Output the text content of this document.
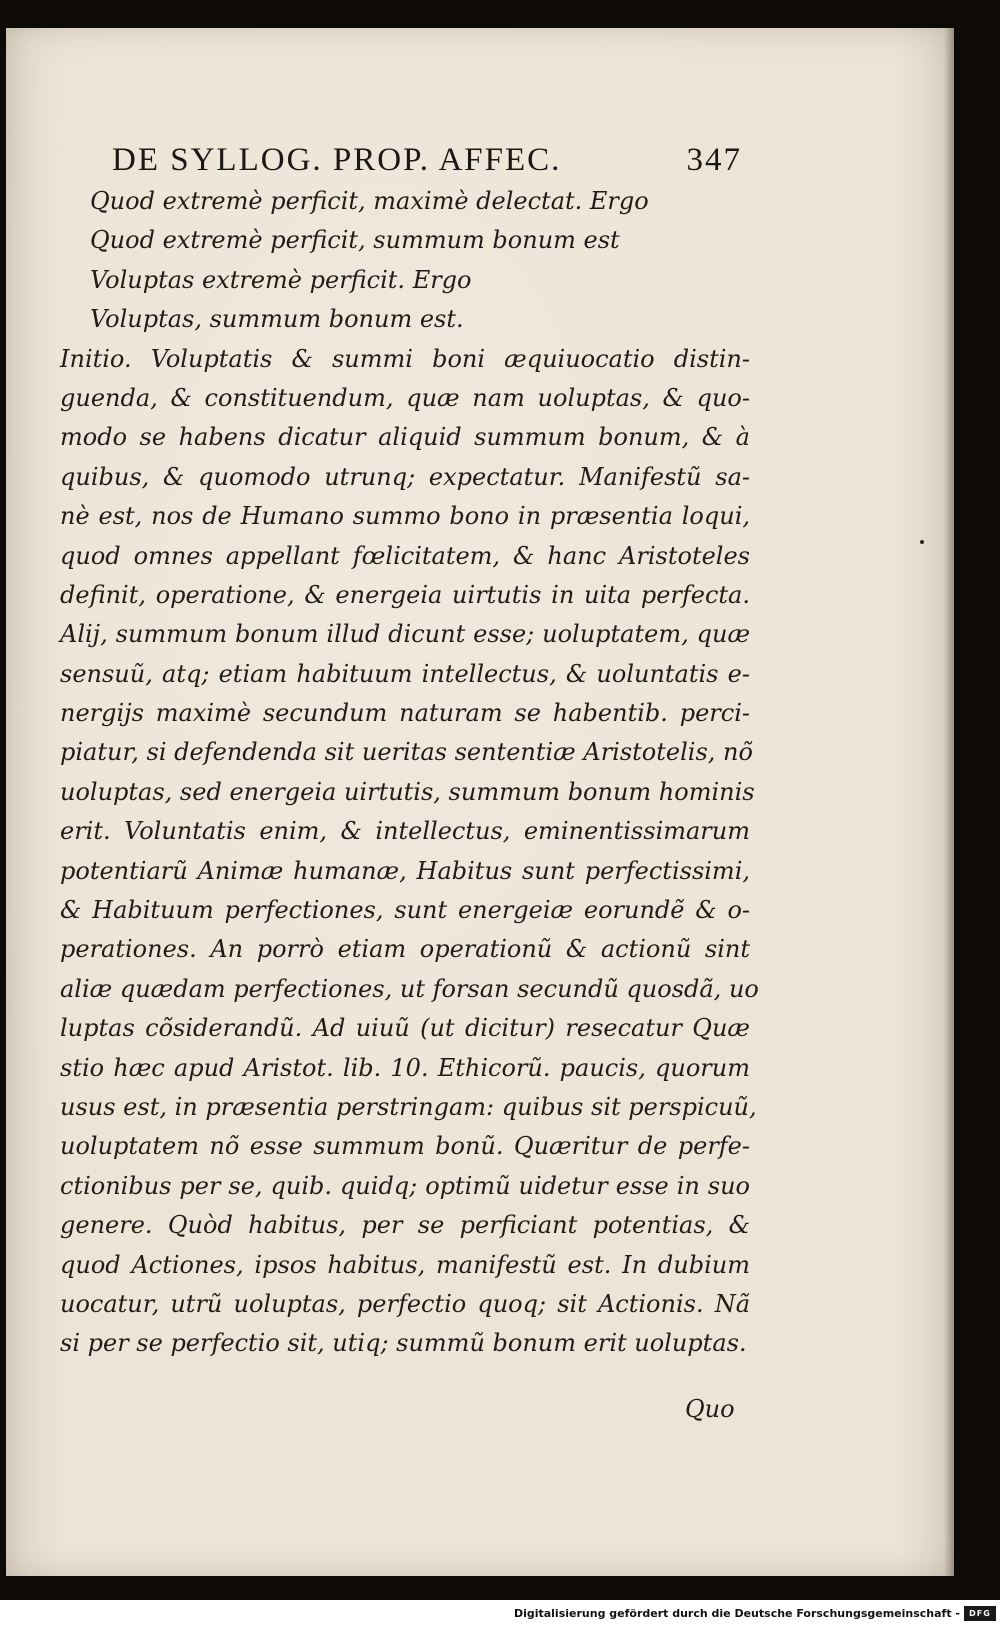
DE SYLLOG. PROP. AFFEC.	347
Quod extremè perficit, maximè delectat. Ergo
Quod extremè perficit, summum bonum est
Voluptas extremè perficit. Ergo
Voluptas, summum bonum est.
Initio. Voluptatis & summi boni æquiuocatio distin-
guenda, & constituendum, quæ nam uoluptas, & quo-
modo se habens dicatur aliquid summum bonum, & à
quibus, & quomodo utrunq; expectatur. Manifestũ sa-
nè est, nos de Humano summo bono in præsentia loqui,
quod omnes appellant fœlicitatem, & hanc Aristoteles
definit, operatione, & energeia uirtutis in uita perfecta.
Alij, summum bonum illud dicunt esse; uoluptatem, quæ
sensuũ, atq; etiam habituum intellectus, & uoluntatis e-
nergijs maximè secundum naturam se habentib. perci-
piatur, si defendenda sit ueritas sententiæ Aristotelis, nõ
uoluptas, sed energeia uirtutis, summum bonum hominis
erit. Voluntatis enim, & intellectus, eminentissimarum
potentiarũ Animæ humanæ, Habitus sunt perfectissimi,
& Habituum perfectiones, sunt energeiæ eorundẽ & o-
perationes. An porrò etiam operationũ & actionũ sint
aliæ quædam perfectiones, ut forsan secundũ quosdã, uo
luptas cõsiderandũ. Ad uiuũ (ut dicitur) resecatur Quæ
stio hæc apud Aristot. lib. 10. Ethicorũ. paucis, quorum
usus est, in præsentia perstringam: quibus sit perspicuũ,
uoluptatem nõ esse summum bonũ. Quæritur de perfe-
ctionibus per se, quib. quidq; optimũ uidetur esse in suo
genere. Quòd habitus, per se perficiant potentias, &
quod Actiones, ipsos habitus, manifestũ est. In dubium
uocatur, utrũ uoluptas, perfectio quoq; sit Actionis. Nã
si per se perfectio sit, utiq; summũ bonum erit uoluptas.
Quo
Digitalisierung gefördert durch die Deutsche Forschungsgemeinschaft -	DFG
